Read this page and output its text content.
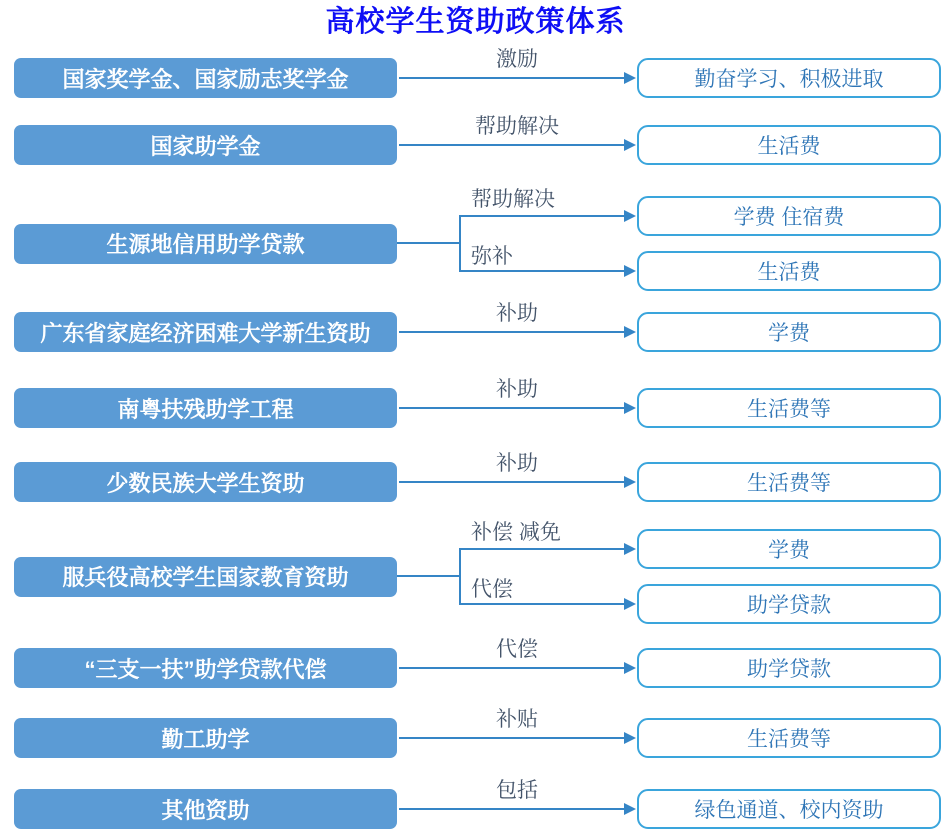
高校学生资助政策体系
国家奖学金、国家励志奖学金
激励
勤奋学习、积极进取
国家助学金
帮助解决
生活费
生源地信用助学贷款
帮助解决
弥补
学费 住宿费
生活费
广东省家庭经济困难大学新生资助
补助
学费
南粤扶残助学工程
补助
生活费等
少数民族大学生资助
补助
生活费等
服兵役高校学生国家教育资助
补偿 减免
代偿
学费
助学贷款
“三支一扶”助学贷款代偿
代偿
助学贷款
勤工助学
补贴
生活费等
其他资助
包括
绿色通道、校内资助
